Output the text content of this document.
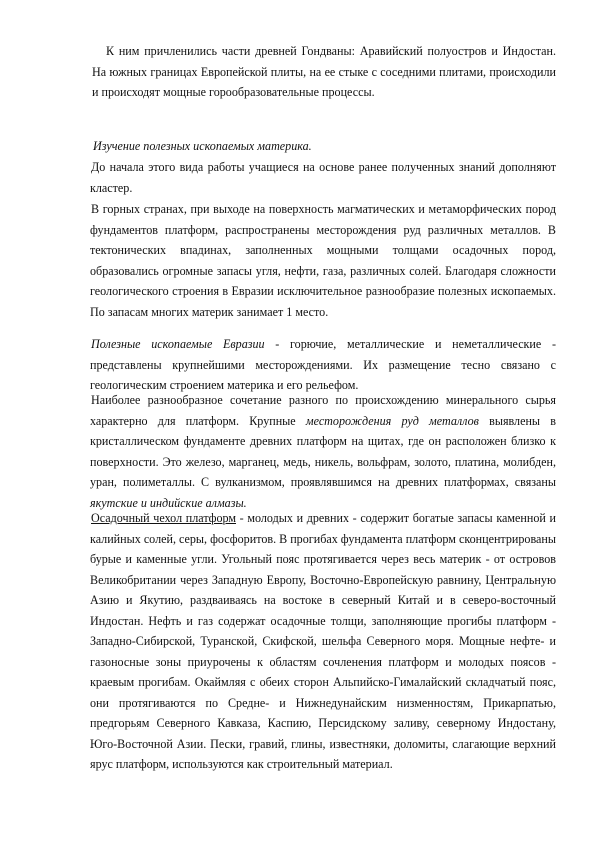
К ним причленились части древней Гондваны: Аравийский полуостров и Индостан. На южных границах Европейской плиты, на ее стыке с соседними плитами, происходили и происходят мощные горообразовательные процессы.

Изучение полезных ископаемых материка.

До начала этого вида работы учащиеся на основе ранее полученных знаний дополняют кластер.

В горных странах, при выходе на поверхность магматических и метаморфических пород фундаментов платформ, распространены месторождения руд различных металлов. В тектонических впадинах, заполненных мощными толщами осадочных пород, образовались огромные запасы угля, нефти, газа, различных солей. Благодаря сложности геологического строения в Евразии исключительное разнообразие полезных ископаемых. По запасам многих материк занимает 1 место.

Полезные ископаемые Евразии - горючие, металлические и неметаллические - представлены крупнейшими месторождениями. Их размещение тесно связано с геологическим строением материка и его рельефом.

Наиболее разнообразное сочетание разного по происхождению минерального сырья характерно для платформ. Крупные месторождения руд металлов выявлены в кристаллическом фундаменте древних платформ на щитах, где он расположен близко к поверхности. Это железо, марганец, медь, никель, вольфрам, золото, платина, молибден, уран, полиметаллы. С вулканизмом, проявлявшимся на древних платформах, связаны якутские и индийские алмазы.

Осадочный чехол платформ - молодых и древних - содержит богатые запасы каменной и калийных солей, серы, фосфоритов. В прогибах фундамента платформ сконцентрированы бурые и каменные угли. Угольный пояс протягивается через весь материк - от островов Великобритании через Западную Европу, Восточно-Европейскую равнину, Центральную Азию и Якутию, раздваиваясь на востоке в северный Китай и в северо-восточный Индостан. Нефть и газ содержат осадочные толщи, заполняющие прогибы платформ - Западно-Сибирской, Туранской, Скифской, шельфа Северного моря. Мощные нефте- и газоносные зоны приурочены к областям сочленения платформ и молодых поясов - краевым прогибам. Окаймляя с обеих сторон Альпийско-Гималайский складчатый пояс, они протягиваются по Средне- и Нижнедунайским низменностям, Прикарпатью, предгорьям Северного Кавказа, Каспию, Персидскому заливу, северному Индостану, Юго-Восточной Азии. Пески, гравий, глины, известняки, доломиты, слагающие верхний ярус платформ, используются как строительный материал.
